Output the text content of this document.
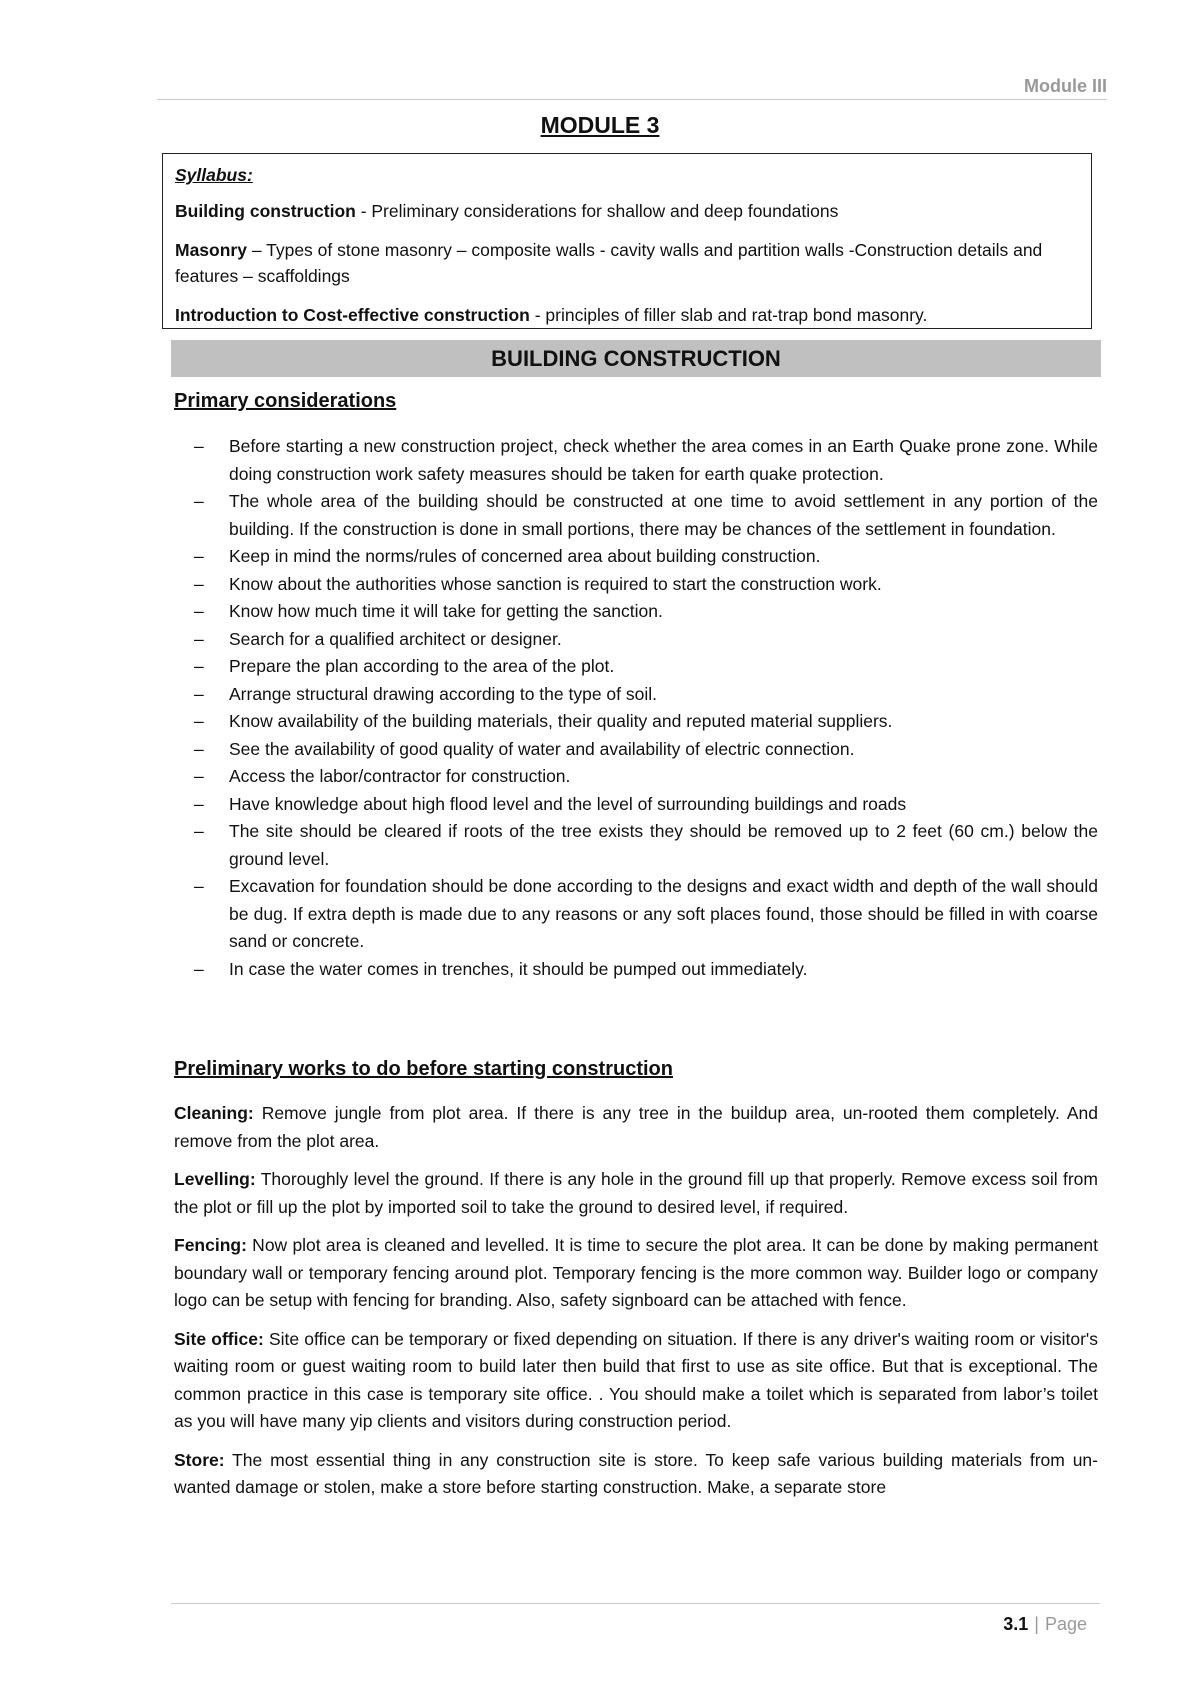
Module III
MODULE 3

Syllabus:

Building construction - Preliminary considerations for shallow and deep foundations

Masonry – Types of stone masonry – composite walls - cavity walls and partition walls -Construction details and features – scaffoldings

Introduction to Cost-effective construction - principles of filler slab and rat-trap bond masonry.

BUILDING CONSTRUCTION
Primary considerations
– Before starting a new construction project, check whether the area comes in an Earth Quake prone zone. While doing construction work safety measures should be taken for earth quake protection.
– The whole area of the building should be constructed at one time to avoid settlement in any portion of the building. If the construction is done in small portions, there may be chances of the settlement in foundation.
– Keep in mind the norms/rules of concerned area about building construction.
– Know about the authorities whose sanction is required to start the construction work.
– Know how much time it will take for getting the sanction.
– Search for a qualified architect or designer.
– Prepare the plan according to the area of the plot.
– Arrange structural drawing according to the type of soil.
– Know availability of the building materials, their quality and reputed material suppliers.
– See the availability of good quality of water and availability of electric connection.
– Access the labor/contractor for construction.
– Have knowledge about high flood level and the level of surrounding buildings and roads
– The site should be cleared if roots of the tree exists they should be removed up to 2 feet (60 cm.) below the ground level.
– Excavation for foundation should be done according to the designs and exact width and depth of the wall should be dug. If extra depth is made due to any reasons or any soft places found, those should be filled in with coarse sand or concrete.
– In case the water comes in trenches, it should be pumped out immediately.
Preliminary works to do before starting construction

Cleaning: Remove jungle from plot area. If there is any tree in the buildup area, un-rooted them completely. And remove from the plot area.

Levelling: Thoroughly level the ground. If there is any hole in the ground fill up that properly. Remove excess soil from the plot or fill up the plot by imported soil to take the ground to desired level, if required.

Fencing: Now plot area is cleaned and levelled. It is time to secure the plot area. It can be done by making permanent boundary wall or temporary fencing around plot. Temporary fencing is the more common way. Builder logo or company logo can be setup with fencing for branding. Also, safety signboard can be attached with fence.

Site office: Site office can be temporary or fixed depending on situation. If there is any driver's waiting room or visitor's waiting room or guest waiting room to build later then build that first to use as site office. But that is exceptional. The common practice in this case is temporary site office. . You should make a toilet which is separated from labor’s toilet as you will have many yip clients and visitors during construction period.

Store: The most essential thing in any construction site is store. To keep safe various building materials from un-wanted damage or stolen, make a store before starting construction. Make, a separate store

3.1 | Page
